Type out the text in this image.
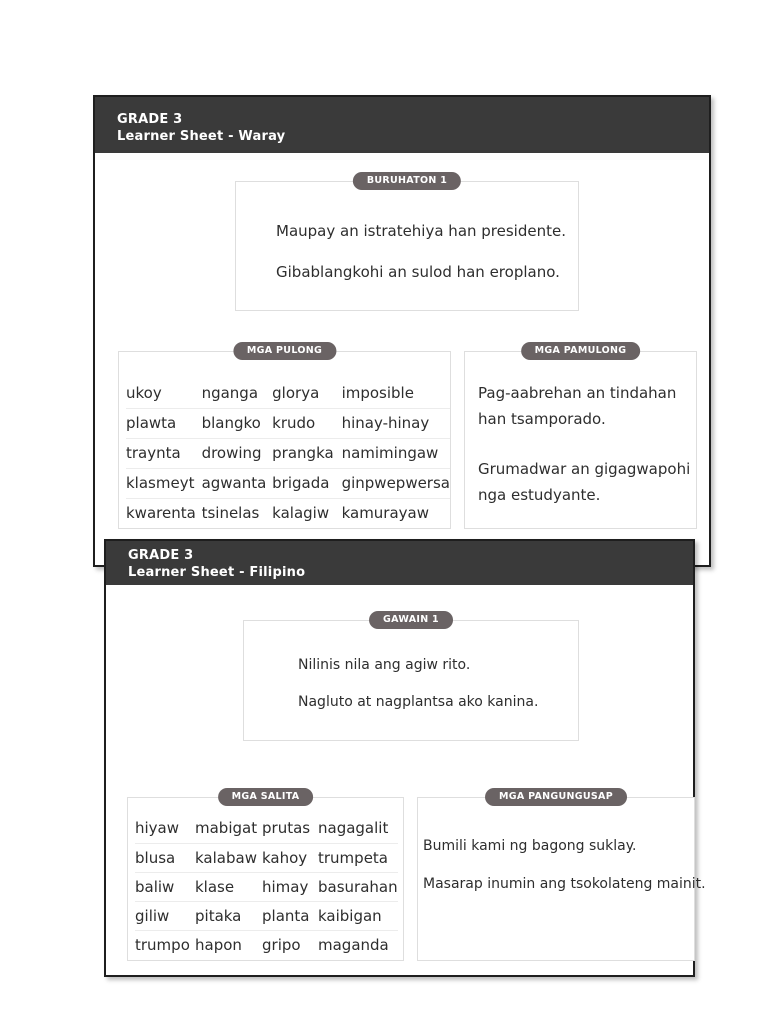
GRADE 3
Learner Sheet - Waray
BURUHATON 1
Maupay an istratehiya han presidente.
Gibablangkohi an sulod han eroplano.
MGA PULONG
ukoy	nganga	glorya	imposible
plawta	blangko	krudo	hinay-hinay
traynta	drowing	prangka	namimingaw
klasmeyt	agwanta	brigada	ginpwepwersa
kwarenta	tsinelas	kalagiw	kamurayaw
MGA PAMULONG
Pag-aabrehan an tindahan han tsamporado.
Grumadwar an gigagwapohi nga estudyante.
GRADE 3
Learner Sheet - Filipino
GAWAIN 1
Nilinis nila ang agiw rito.
Nagluto at nagplantsa ako kanina.
MGA SALITA
hiyaw	mabigat	prutas	nagagalit
blusa	kalabaw	kahoy	trumpeta
baliw	klase	himay	basurahan
giliw	pitaka	planta	kaibigan
trumpo	hapon	gripo	maganda
MGA PANGUNGUSAP
Bumili kami ng bagong suklay.
Masarap inumin ang tsokolateng mainit.
